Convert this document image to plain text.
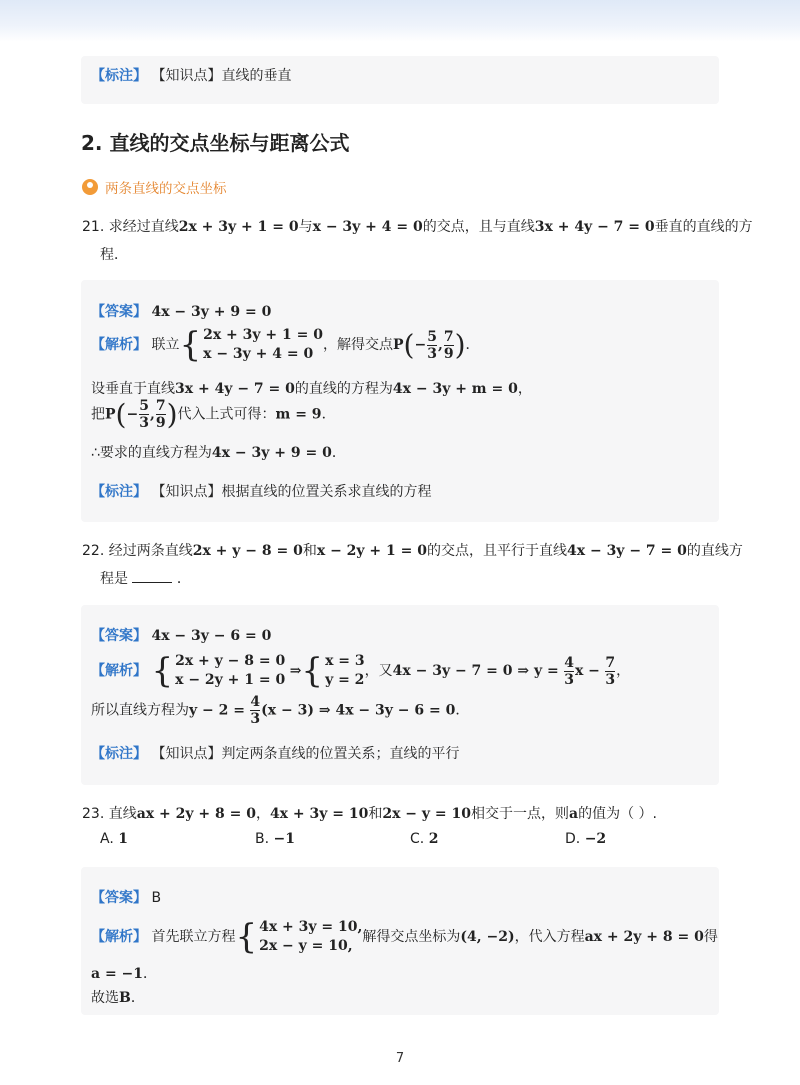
【标注】 【知识点】直线的垂直
2. 直线的交点坐标与距离公式
两条直线的交点坐标
21. 求经过直线2x + 3y + 1 = 0与x − 3y + 4 = 0的交点，且与直线3x + 4y − 7 = 0垂直的直线的方
程．
【答案】 4x − 3y + 9 = 0
【解析】 联立{ 2x + 3y + 1 = 0
x − 3y + 4 = 0，解得交点$P(- \frac{5}{3}$ , $\frac{7}{9}$ )．
设垂直于直线3x + 4y − 7 = 0的直线的方程为4x − 3y + m = 0，
把$P(- \frac{5}{3}$ , $\frac{7}{9}$ )代入上式可得：m = 9．
∴要求的直线方程为4x − 3y + 9 = 0．
【标注】 【知识点】根据直线的位置关系求直线的方程
22. 经过两条直线2x + y − 8 = 0和x − 2y + 1 = 0的交点，且平行于直线4x − 3y − 7 = 0的直线方
程是	．
【答案】 4x − 3y − 6 = 0
【解析】 { 2x + y − 8 = 0
x − 2y + 1 = 0 ⇒{ x = 3
y = 2，又4x − 3y − 7 = 0 ⇒ $y = \frac{4}{3}$ $x - \frac{7}{3}$ ，
所以直线方程为$y - 2 = \frac{4}{3} (x - 3)$ ⇒ 4x − 3y − 6 = 0．
【标注】 【知识点】判定两条直线的位置关系；直线的平行
23. 直线ax + 2y + 8 = 0，4x + 3y = 10和2x − y = 10相交于一点，则a的值为（ ）.
A. 1	B. −1	C. 2	D. −2
【答案】 B
【解析】 首先联立方程{ 4x + 3y = 10,
2x − y = 10,解得交点坐标为(4, −2)，代入方程ax + 2y + 8 = 0得
a = −1．
故选B．
7
